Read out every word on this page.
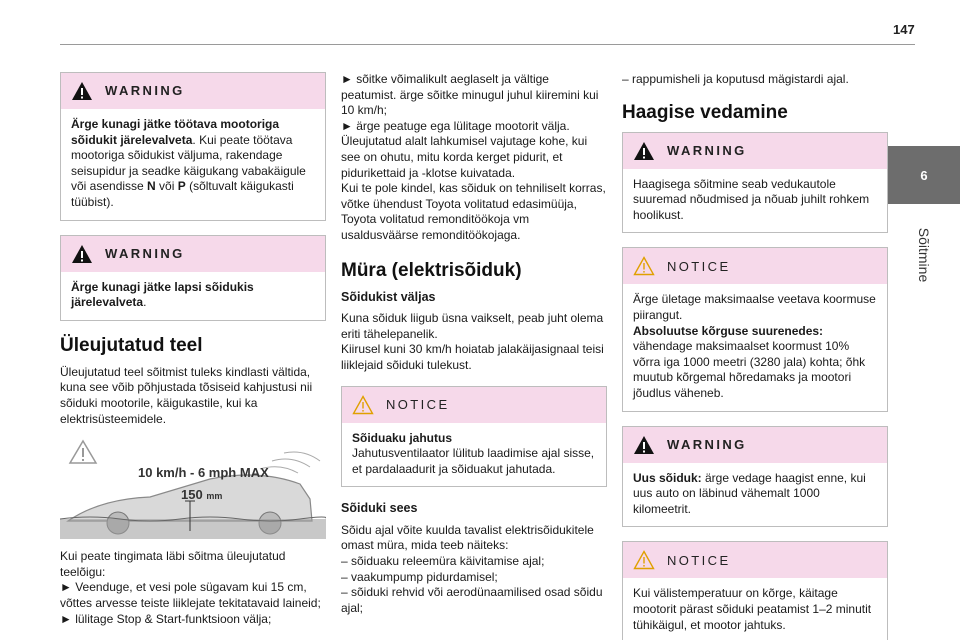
147
6
Sõitmine
WARNING
Ärge kunagi jätke töötava mootoriga sõidukit järelevalveta. Kui peate töötava mootoriga sõidukist väljuma, rakendage seisupidur ja seadke käigukang vabakäigule või asendisse N või P (sõltuvalt käigukasti tüübist).
WARNING
Ärge kunagi jätke lapsi sõidukis järelevalveta.
Üleujutatud teel

Üleujutatud teel sõitmist tuleks kindlasti vältida, kuna see võib põhjustada tõsiseid kahjustusi nii sõiduki mootorile, käigukastile, kui ka elektrisüsteemidele.

10 km/h - 6 mph MAX
150 mm

Kui peate tingimata läbi sõitma üleujutatud teelõigu:

► Veenduge, et vesi pole sügavam kui 15 cm, võttes arvesse teiste liiklejate tekitatavaid laineid;

► lülitage Stop & Start-funktsioon välja;

► sõitke võimalikult aeglaselt ja vältige peatumist. ärge sõitke minugul juhul kiiremini kui 10 km/h;

► ärge peatuge ega lülitage mootorit välja.

Üleujutatud alalt lahkumisel vajutage kohe, kui see on ohutu, mitu korda kerget pidurit, et pidurikettaid ja -klotse kuivatada.

Kui te pole kindel, kas sõiduk on tehniliselt korras, võtke ühendust Toyota volitatud edasimüüja, Toyota volitatud remonditöökoja vm usaldusväärse remonditöökojaga.

Müra (elektrisõiduk)
Sõidukist väljas

Kuna sõiduk liigub üsna vaikselt, peab juht olema eriti tähelepanelik.

Kiirusel kuni 30 km/h hoiatab jalakäijasignaal teisi liiklejaid sõiduki tulekust.

NOTICE
Sõiduaku jahutus
Jahutusventilaator lülitub laadimise ajal sisse, et pardalaadurit ja sõiduakut jahutada.
Sõiduki sees

Sõidu ajal võite kuulda tavalist elektrisõidukitele omast müra, mida teeb näiteks:

– sõiduaku releemüra käivitamise ajal;

– vaakumpump pidurdamisel;

– sõiduki rehvid või aerodünaamilised osad sõidu ajal;

– rappumisheli ja koputusd mägistardi ajal.

Haagise vedamine
WARNING
Haagisega sõitmine seab vedukautole suuremad nõudmised ja nõuab juhilt rohkem hoolikust.
NOTICE
Ärge ületage maksimaalse veetava koormuse piirangut.
Absoluutse kõrguse suurenedes:
vähendage maksimaalset koormust 10% võrra iga 1000 meetri (3280 jala) kohta; õhk muutub kõrgemal hõredamaks ja mootori jõudlus väheneb.
WARNING
Uus sõiduk: ärge vedage haagist enne, kui uus auto on läbinud vähemalt 1000 kilomeetrit.
NOTICE
Kui välistemperatuur on kõrge, käitage mootorit pärast sõiduki peatamist 1–2 minutit tühikäigul, et mootor jahtuks.
